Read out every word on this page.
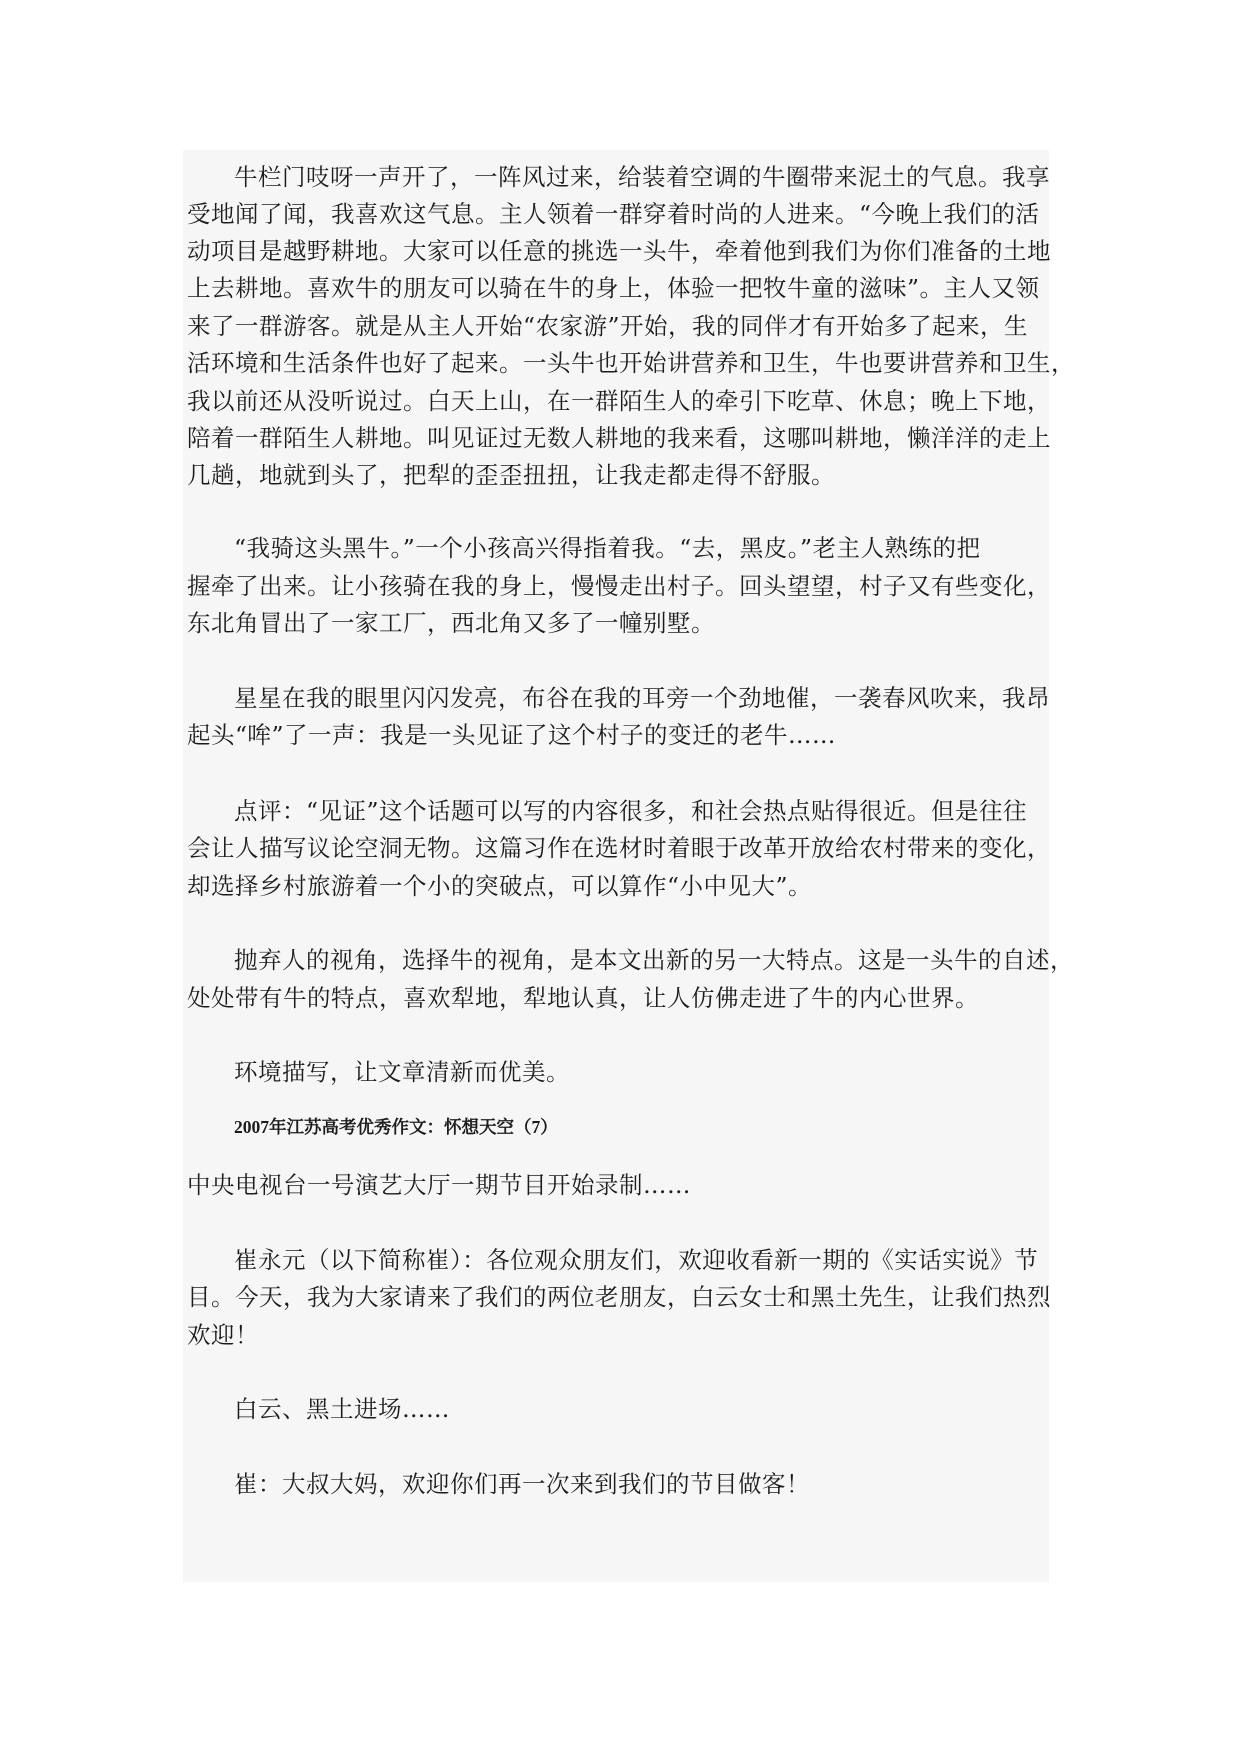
牛栏门吱呀一声开了，一阵风过来，给装着空调的牛圈带来泥土的气息。我享
受地闻了闻，我喜欢这气息。主人领着一群穿着时尚的人进来。“今晚上我们的活
动项目是越野耕地。大家可以任意的挑选一头牛，牵着他到我们为你们准备的土地
上去耕地。喜欢牛的朋友可以骑在牛的身上，体验一把牧牛童的滋味”。主人又领
来了一群游客。就是从主人开始“农家游”开始，我的同伴才有开始多了起来，生
活环境和生活条件也好了起来。一头牛也开始讲营养和卫生，牛也要讲营养和卫生，
我以前还从没听说过。白天上山，在一群陌生人的牵引下吃草、休息；晚上下地，
陪着一群陌生人耕地。叫见证过无数人耕地的我来看，这哪叫耕地，懒洋洋的走上
几趟，地就到头了，把犁的歪歪扭扭，让我走都走得不舒服。
“我骑这头黑牛。”一个小孩高兴得指着我。“去，黑皮。”老主人熟练的把
握牵了出来。让小孩骑在我的身上，慢慢走出村子。回头望望，村子又有些变化，
东北角冒出了一家工厂，西北角又多了一幢别墅。
星星在我的眼里闪闪发亮，布谷在我的耳旁一个劲地催，一袭春风吹来，我昂
起头“哞”了一声：我是一头见证了这个村子的变迁的老牛……
点评：“见证”这个话题可以写的内容很多，和社会热点贴得很近。但是往往
会让人描写议论空洞无物。这篇习作在选材时着眼于改革开放给农村带来的变化，
却选择乡村旅游着一个小的突破点，可以算作“小中见大”。
抛弃人的视角，选择牛的视角，是本文出新的另一大特点。这是一头牛的自述，
处处带有牛的特点，喜欢犁地，犁地认真，让人仿佛走进了牛的内心世界。
环境描写，让文章清新而优美。
中央电视台一号演艺大厅一期节目开始录制……
崔永元（以下简称崔）：各位观众朋友们，欢迎收看新一期的《实话实说》节
目。今天，我为大家请来了我们的两位老朋友，白云女士和黑土先生，让我们热烈
欢迎！
白云、黑土进场……
崔：大叔大妈，欢迎你们再一次来到我们的节目做客！
2007年江苏高考优秀作文：怀想天空（7）
